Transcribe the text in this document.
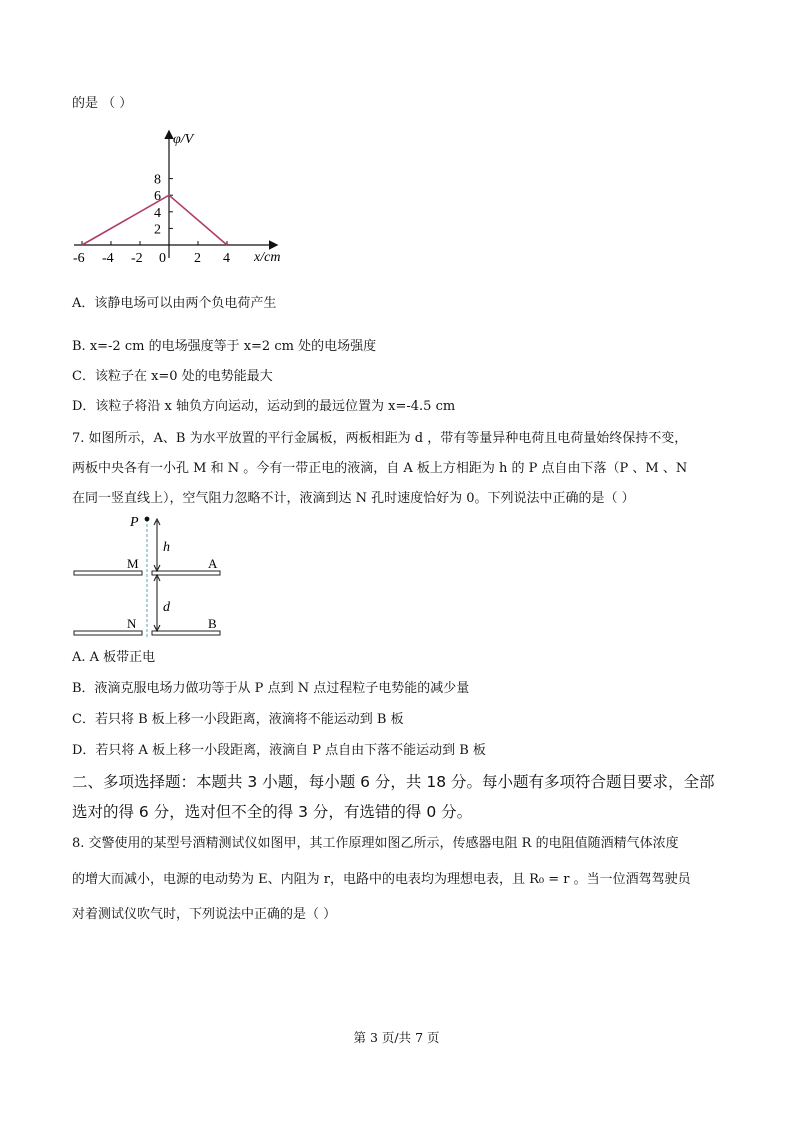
的是 （ ）
8
6
4
2
-6 -4 -2 0 2 4
φ/V
x/cm
A．该静电场可以由两个负电荷产生
B. x=-2 cm 的电场强度等于 x=2 cm 处的电场强度
C．该粒子在 x=0 处的电势能最大
D．该粒子将沿 x 轴负方向运动，运动到的最远位置为 x=-4.5 cm
7. 如图所示，A、B 为水平放置的平行金属板，两板相距为 d ，带有等量异种电荷且电荷量始终保持不变，
两板中央各有一小孔 M 和 N 。今有一带正电的液滴，自 A 板上方相距为 h 的 P 点自由下落（P 、M 、N
在同一竖直线上），空气阻力忽略不计，液滴到达 N 孔时速度恰好为 0。下列说法中正确的是（ ）
P
h
d
M	A
N	B
A. A 板带正电
B．液滴克服电场力做功等于从 P 点到 N 点过程粒子电势能的减少量
C．若只将 B 板上移一小段距离，液滴将不能运动到 B 板
D．若只将 A 板上移一小段距离，液滴自 P 点自由下落不能运动到 B 板
二、多项选择题：本题共 3 小题，每小题 6 分，共 18 分。每小题有多项符合题目要求，全部
选对的得 6 分，选对但不全的得 3 分，有选错的得 0 分。
8. 交警使用的某型号酒精测试仪如图甲，其工作原理如图乙所示，传感器电阻 R 的电阻值随酒精气体浓度
的增大而减小，电源的电动势为 E、内阻为 r，电路中的电表均为理想电表，且 R₀ = r 。当一位酒驾驾驶员
对着测试仪吹气时，下列说法中正确的是（ ）
第 3 页/共 7 页
